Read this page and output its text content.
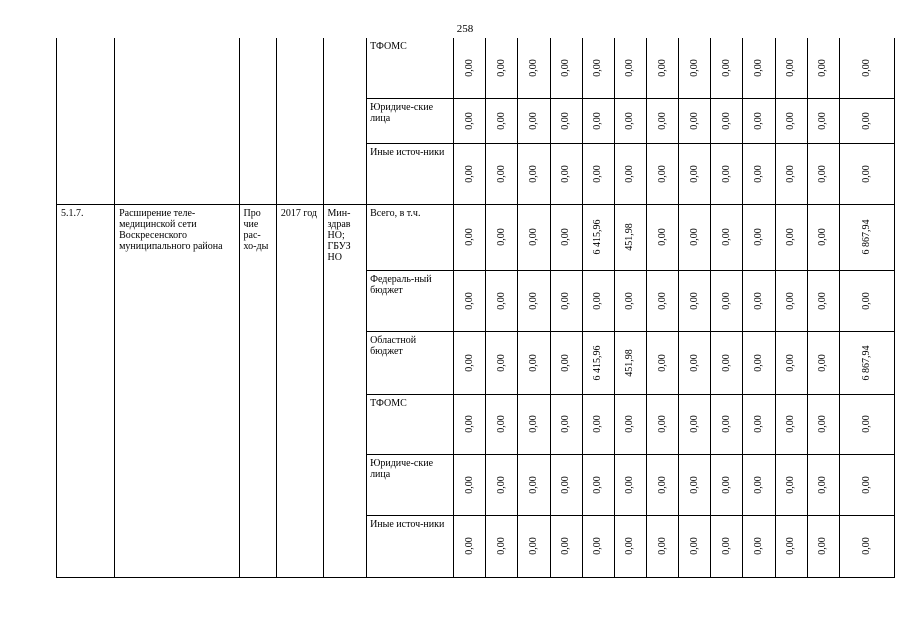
258
					ТФОМС	0,00	0,00	0,00	0,00	0,00	0,00	0,00	0,00	0,00	0,00	0,00	0,00	0,00

					Юридиче-ские лица	0,00	0,00	0,00	0,00	0,00	0,00	0,00	0,00	0,00	0,00	0,00	0,00	0,00

					Иные источ-ники	0,00	0,00	0,00	0,00	0,00	0,00	0,00	0,00	0,00	0,00	0,00	0,00	0,00

5.1.7.	Расширение теле-медицинской сети Воскресенского муниципального района	Про чие рас-хо-ды	2017 год	Мин-здрав НО; ГБУЗ НО	Всего, в т.ч.	0,00	0,00	0,00	0,00	6 415,96	451,98	0,00	0,00	0,00	0,00	0,00	0,00	6 867,94

					Федераль-ный бюджет	0,00	0,00	0,00	0,00	0,00	0,00	0,00	0,00	0,00	0,00	0,00	0,00	0,00

					Областной бюджет	0,00	0,00	0,00	0,00	6 415,96	451,98	0,00	0,00	0,00	0,00	0,00	0,00	6 867,94

					ТФОМС	0,00	0,00	0,00	0,00	0,00	0,00	0,00	0,00	0,00	0,00	0,00	0,00	0,00

					Юридиче-ские лица	0,00	0,00	0,00	0,00	0,00	0,00	0,00	0,00	0,00	0,00	0,00	0,00	0,00

					Иные источ-ники	0,00	0,00	0,00	0,00	0,00	0,00	0,00	0,00	0,00	0,00	0,00	0,00	0,00
